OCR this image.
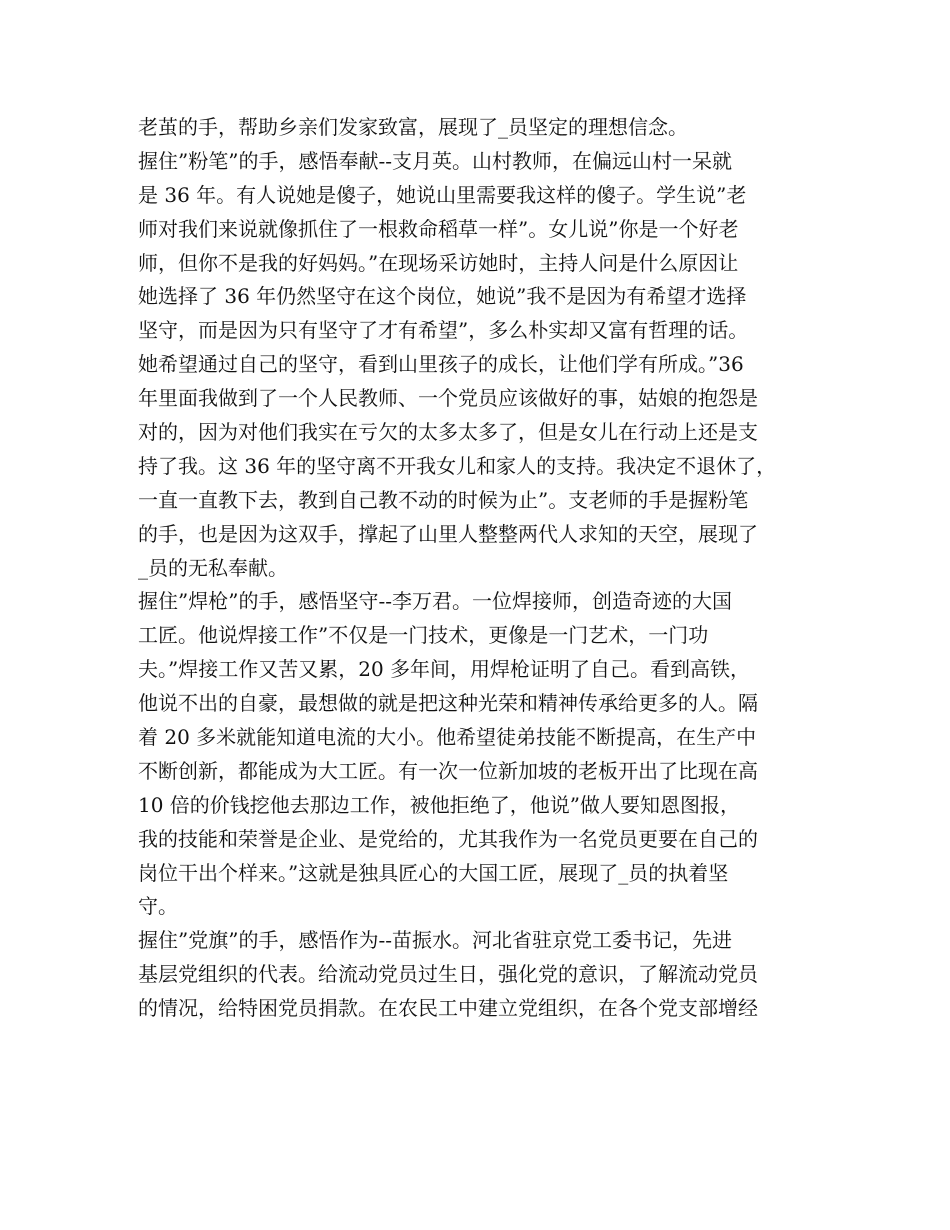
老茧的手，帮助乡亲们发家致富，展现了_员坚定的理想信念。
握住”粉笔”的手，感悟奉献--支月英。山村教师，在偏远山村一呆就
是 36 年。有人说她是傻子，她说山里需要我这样的傻子。学生说”老
师对我们来说就像抓住了一根救命稻草一样”。女儿说”你是一个好老
师，但你不是我的好妈妈。”在现场采访她时，主持人问是什么原因让
她选择了 36 年仍然坚守在这个岗位，她说”我不是因为有希望才选择
坚守，而是因为只有坚守了才有希望”，多么朴实却又富有哲理的话。
她希望通过自己的坚守，看到山里孩子的成长，让他们学有所成。”36
年里面我做到了一个人民教师、一个党员应该做好的事，姑娘的抱怨是
对的，因为对他们我实在亏欠的太多太多了，但是女儿在行动上还是支
持了我。这 36 年的坚守离不开我女儿和家人的支持。我决定不退休了，
一直一直教下去，教到自己教不动的时候为止”。支老师的手是握粉笔
的手，也是因为这双手，撑起了山里人整整两代人求知的天空，展现了
_员的无私奉献。
握住”焊枪”的手，感悟坚守--李万君。一位焊接师，创造奇迹的大国
工匠。他说焊接工作”不仅是一门技术，更像是一门艺术，一门功
夫。”焊接工作又苦又累，20 多年间，用焊枪证明了自己。看到高铁，
他说不出的自豪，最想做的就是把这种光荣和精神传承给更多的人。隔
着 20 多米就能知道电流的大小。他希望徒弟技能不断提高，在生产中
不断创新，都能成为大工匠。有一次一位新加坡的老板开出了比现在高
10 倍的价钱挖他去那边工作，被他拒绝了，他说”做人要知恩图报，
我的技能和荣誉是企业、是党给的，尤其我作为一名党员更要在自己的
岗位干出个样来。”这就是独具匠心的大国工匠，展现了_员的执着坚
守。
握住”党旗”的手，感悟作为--苗振水。河北省驻京党工委书记，先进
基层党组织的代表。给流动党员过生日，强化党的意识，了解流动党员
的情况，给特困党员捐款。在农民工中建立党组织，在各个党支部增经
